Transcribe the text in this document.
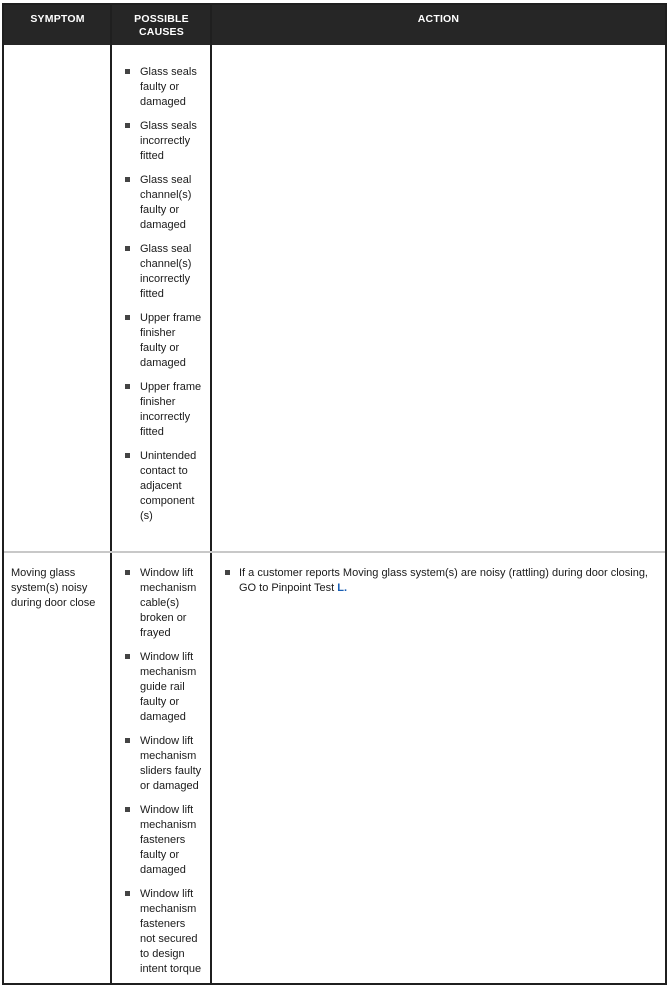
SYMPTOM	POSSIBLE
CAUSES
ACTION
Glass seals
faulty or
damaged
Glass seals
incorrectly
fitted
Glass seal
channel(s)
faulty or
damaged
Glass seal
channel(s)
incorrectly
fitted
Upper frame
finisher
faulty or
damaged
Upper frame
finisher
incorrectly
fitted
Unintended
contact to
adjacent
component
(s)
Moving glass system(s) noisy during door close
Window lift
mechanism
cable(s)
broken or
frayed
Window lift
mechanism
guide rail
faulty or
damaged
Window lift
mechanism
sliders faulty
or damaged
Window lift
mechanism
fasteners
faulty or
damaged
Window lift
mechanism
fasteners
not secured
to design
intent torque

If a customer reports Moving glass system(s) are noisy (rattling) during door closing, GO to Pinpoint Test L.
